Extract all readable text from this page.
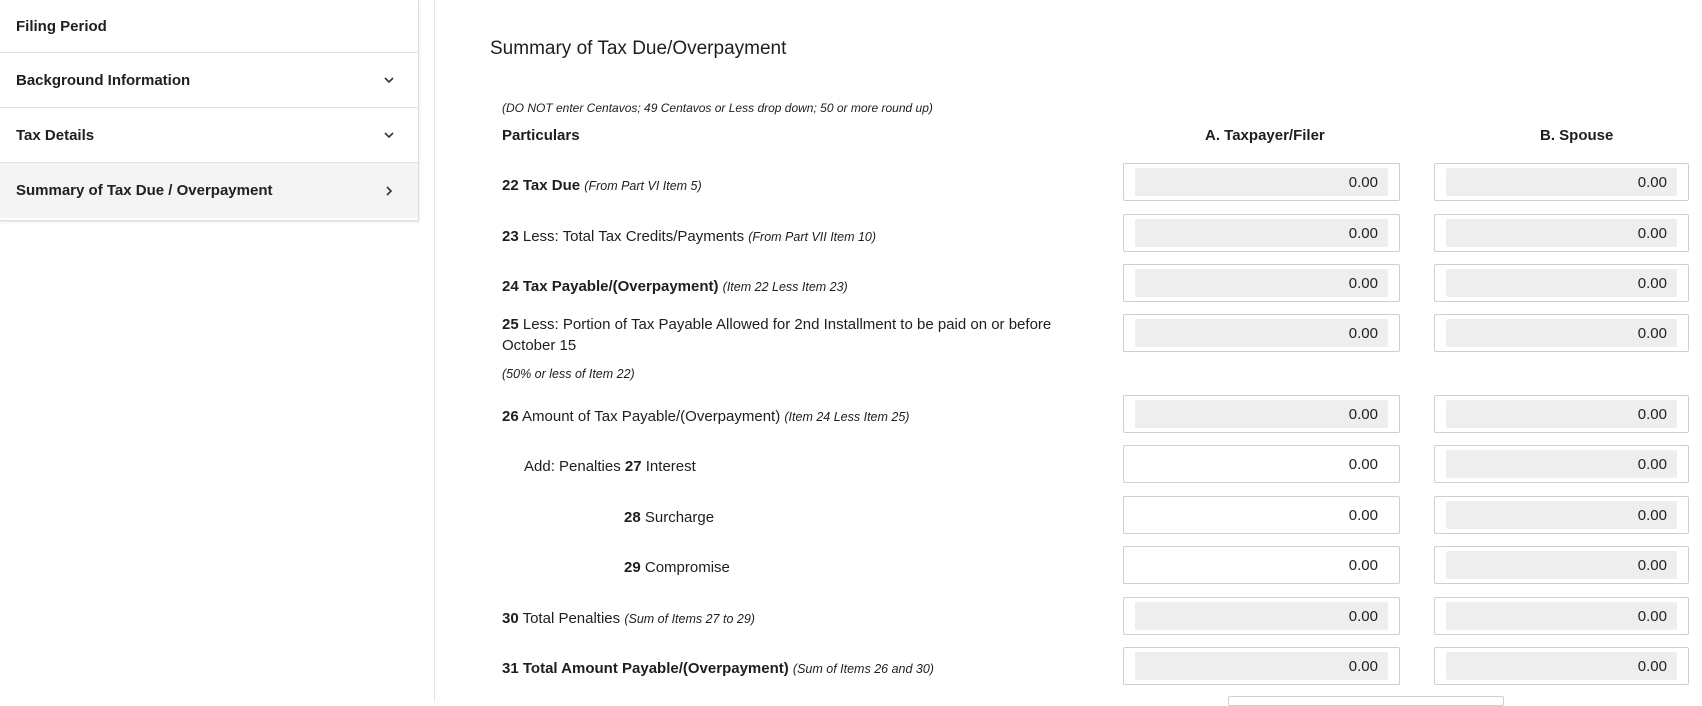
Filing Period
Background Information
Tax Details
Summary of Tax Due / Overpayment
Summary of Tax Due/Overpayment
(DO NOT enter Centavos; 49 Centavos or Less drop down; 50 or more round up)
Particulars	A. Taxpayer/Filer	B. Spouse
22 Tax Due (From Part VI Item 5)	0.00	0.00
23 Less: Total Tax Credits/Payments (From Part VII Item 10)	0.00	0.00
24 Tax Payable/(Overpayment) (Item 22 Less Item 23)	0.00	0.00
25 Less: Portion of Tax Payable Allowed for 2nd Installment to be paid on or before October 15
(50% or less of Item 22)
0.00	0.00
26 Amount of Tax Payable/(Overpayment) (Item 24 Less Item 25)	0.00	0.00
Add: Penalties 27 Interest	0.00	0.00
28 Surcharge	0.00	0.00
29 Compromise	0.00	0.00
30 Total Penalties (Sum of Items 27 to 29)	0.00	0.00
31 Total Amount Payable/(Overpayment) (Sum of Items 26 and 30)	0.00	0.00
